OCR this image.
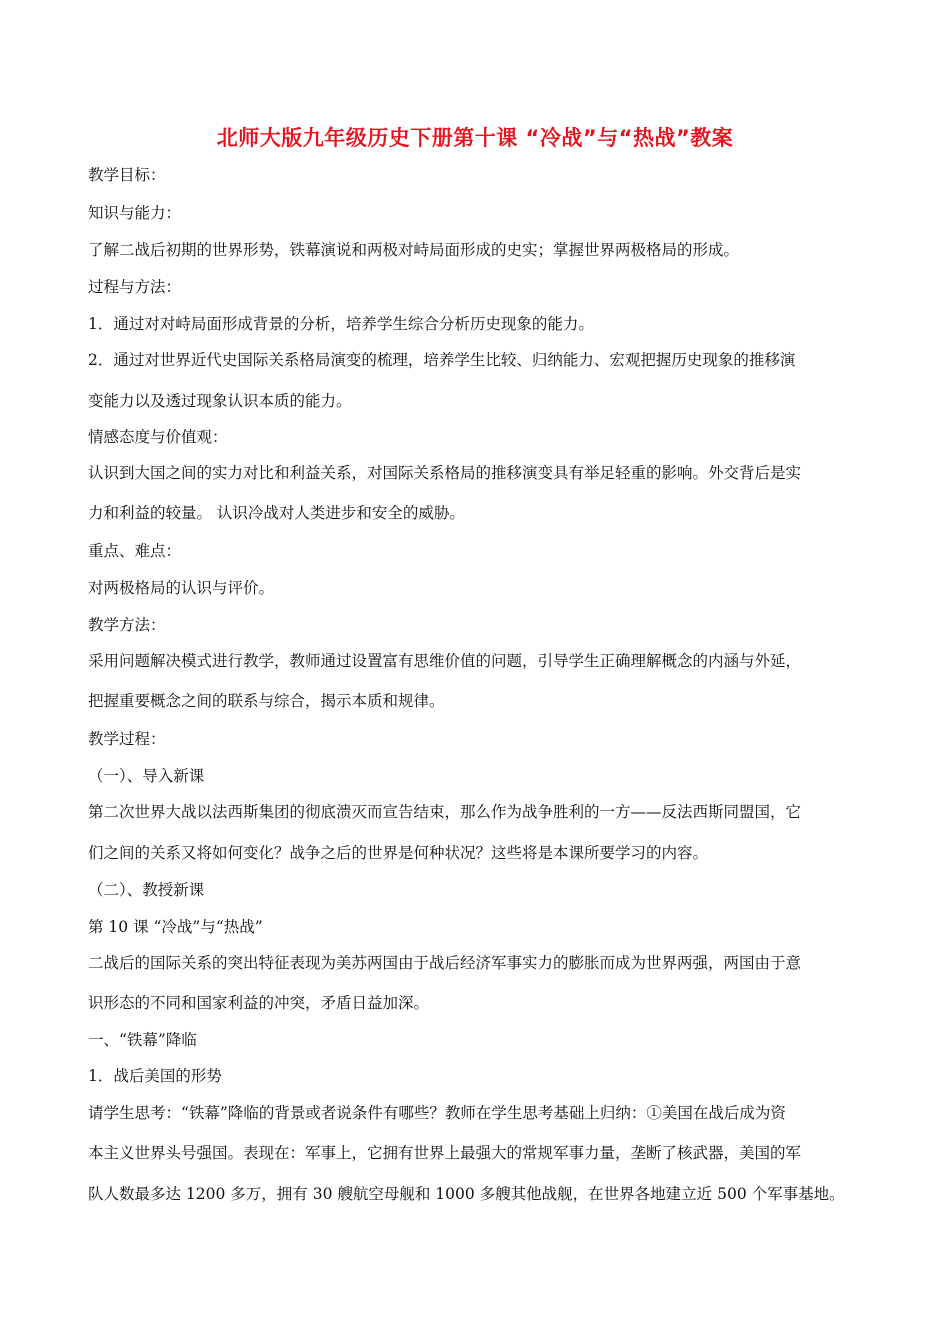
北师大版九年级历史下册第十课 “冷战”与“热战”教案
教学目标：
知识与能力：
了解二战后初期的世界形势，铁幕演说和两极对峙局面形成的史实；掌握世界两极格局的形成。
过程与方法：
1．通过对对峙局面形成背景的分析，培养学生综合分析历史现象的能力。
2．通过对世界近代史国际关系格局演变的梳理，培养学生比较、归纳能力、宏观把握历史现象的推移演
变能力以及透过现象认识本质的能力。
情感态度与价值观：
认识到大国之间的实力对比和利益关系，对国际关系格局的推移演变具有举足轻重的影响。外交背后是实
力和利益的较量。 认识冷战对人类进步和安全的威胁。
重点、难点：
对两极格局的认识与评价。
教学方法：
采用问题解决模式进行教学，教师通过设置富有思维价值的问题，引导学生正确理解概念的内涵与外延，
把握重要概念之间的联系与综合，揭示本质和规律。
教学过程：
（一）、导入新课
第二次世界大战以法西斯集团的彻底溃灭而宣告结束，那么作为战争胜利的一方——反法西斯同盟国，它
们之间的关系又将如何变化？战争之后的世界是何种状况？这些将是本课所要学习的内容。
（二）、教授新课
第 10 课 “冷战”与“热战”
二战后的国际关系的突出特征表现为美苏两国由于战后经济军事实力的膨胀而成为世界两强，两国由于意
识形态的不同和国家利益的冲突，矛盾日益加深。
一、“铁幕”降临
1．战后美国的形势
请学生思考：“铁幕”降临的背景或者说条件有哪些？教师在学生思考基础上归纳：①美国在战后成为资
本主义世界头号强国。表现在：军事上，它拥有世界上最强大的常规军事力量，垄断了核武器，美国的军
队人数最多达 1200 多万，拥有 30 艘航空母舰和 1000 多艘其他战舰，在世界各地建立近 500 个军事基地。
